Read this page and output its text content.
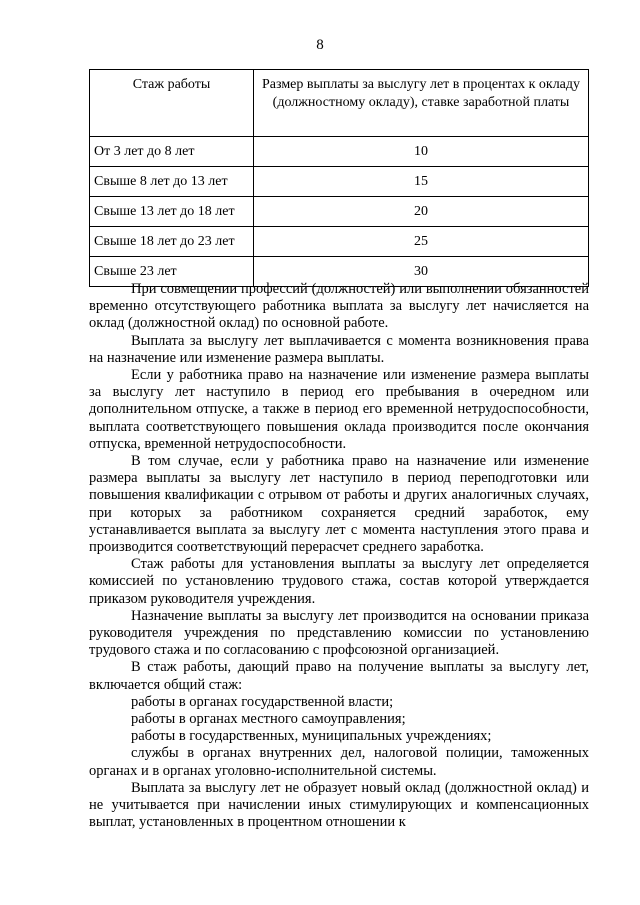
8
Стаж работы	Размер выплаты за выслугу лет в процентах к окладу (должностному окладу), ставке заработной платы
От 3 лет до 8 лет	10
Свыше 8 лет до 13 лет	15
Свыше 13 лет до 18 лет	20
Свыше 18 лет до 23 лет	25
Свыше 23 лет	30

При совмещении профессий (должностей) или выполнении обязанностей временно отсутствующего работника выплата за выслугу лет начисляется на оклад (должностной оклад) по основной работе.

Выплата за выслугу лет выплачивается с момента возникновения права на назначение или изменение размера выплаты.

Если у работника право на назначение или изменение размера выплаты за выслугу лет наступило в период его пребывания в очередном или дополнительном отпуске, а также в период его временной нетрудоспособности, выплата соответствующего повышения оклада производится после окончания отпуска, временной нетрудоспособности.

В том случае, если у работника право на назначение или изменение размера выплаты за выслугу лет наступило в период переподготовки или повышения квалификации с отрывом от работы и других аналогичных случаях, при которых за работником сохраняется средний заработок, ему устанавливается выплата за выслугу лет с момента наступления этого права и производится соответствующий перерасчет среднего заработка.

Стаж работы для установления выплаты за выслугу лет определяется комиссией по установлению трудового стажа, состав которой утверждается приказом руководителя учреждения.

Назначение выплаты за выслугу лет производится на основании приказа руководителя учреждения по представлению комиссии по установлению трудового стажа и по согласованию с профсоюзной организацией.

В стаж работы, дающий право на получение выплаты за выслугу лет, включается общий стаж:

работы в органах государственной власти;

работы в органах местного самоуправления;

работы в государственных, муниципальных учреждениях;

службы в органах внутренних дел, налоговой полиции, таможенных органах и в органах уголовно-исполнительной системы.

Выплата за выслугу лет не образует новый оклад (должностной оклад) и не учитывается при начислении иных стимулирующих и компенсационных выплат, установленных в процентном отношении к
